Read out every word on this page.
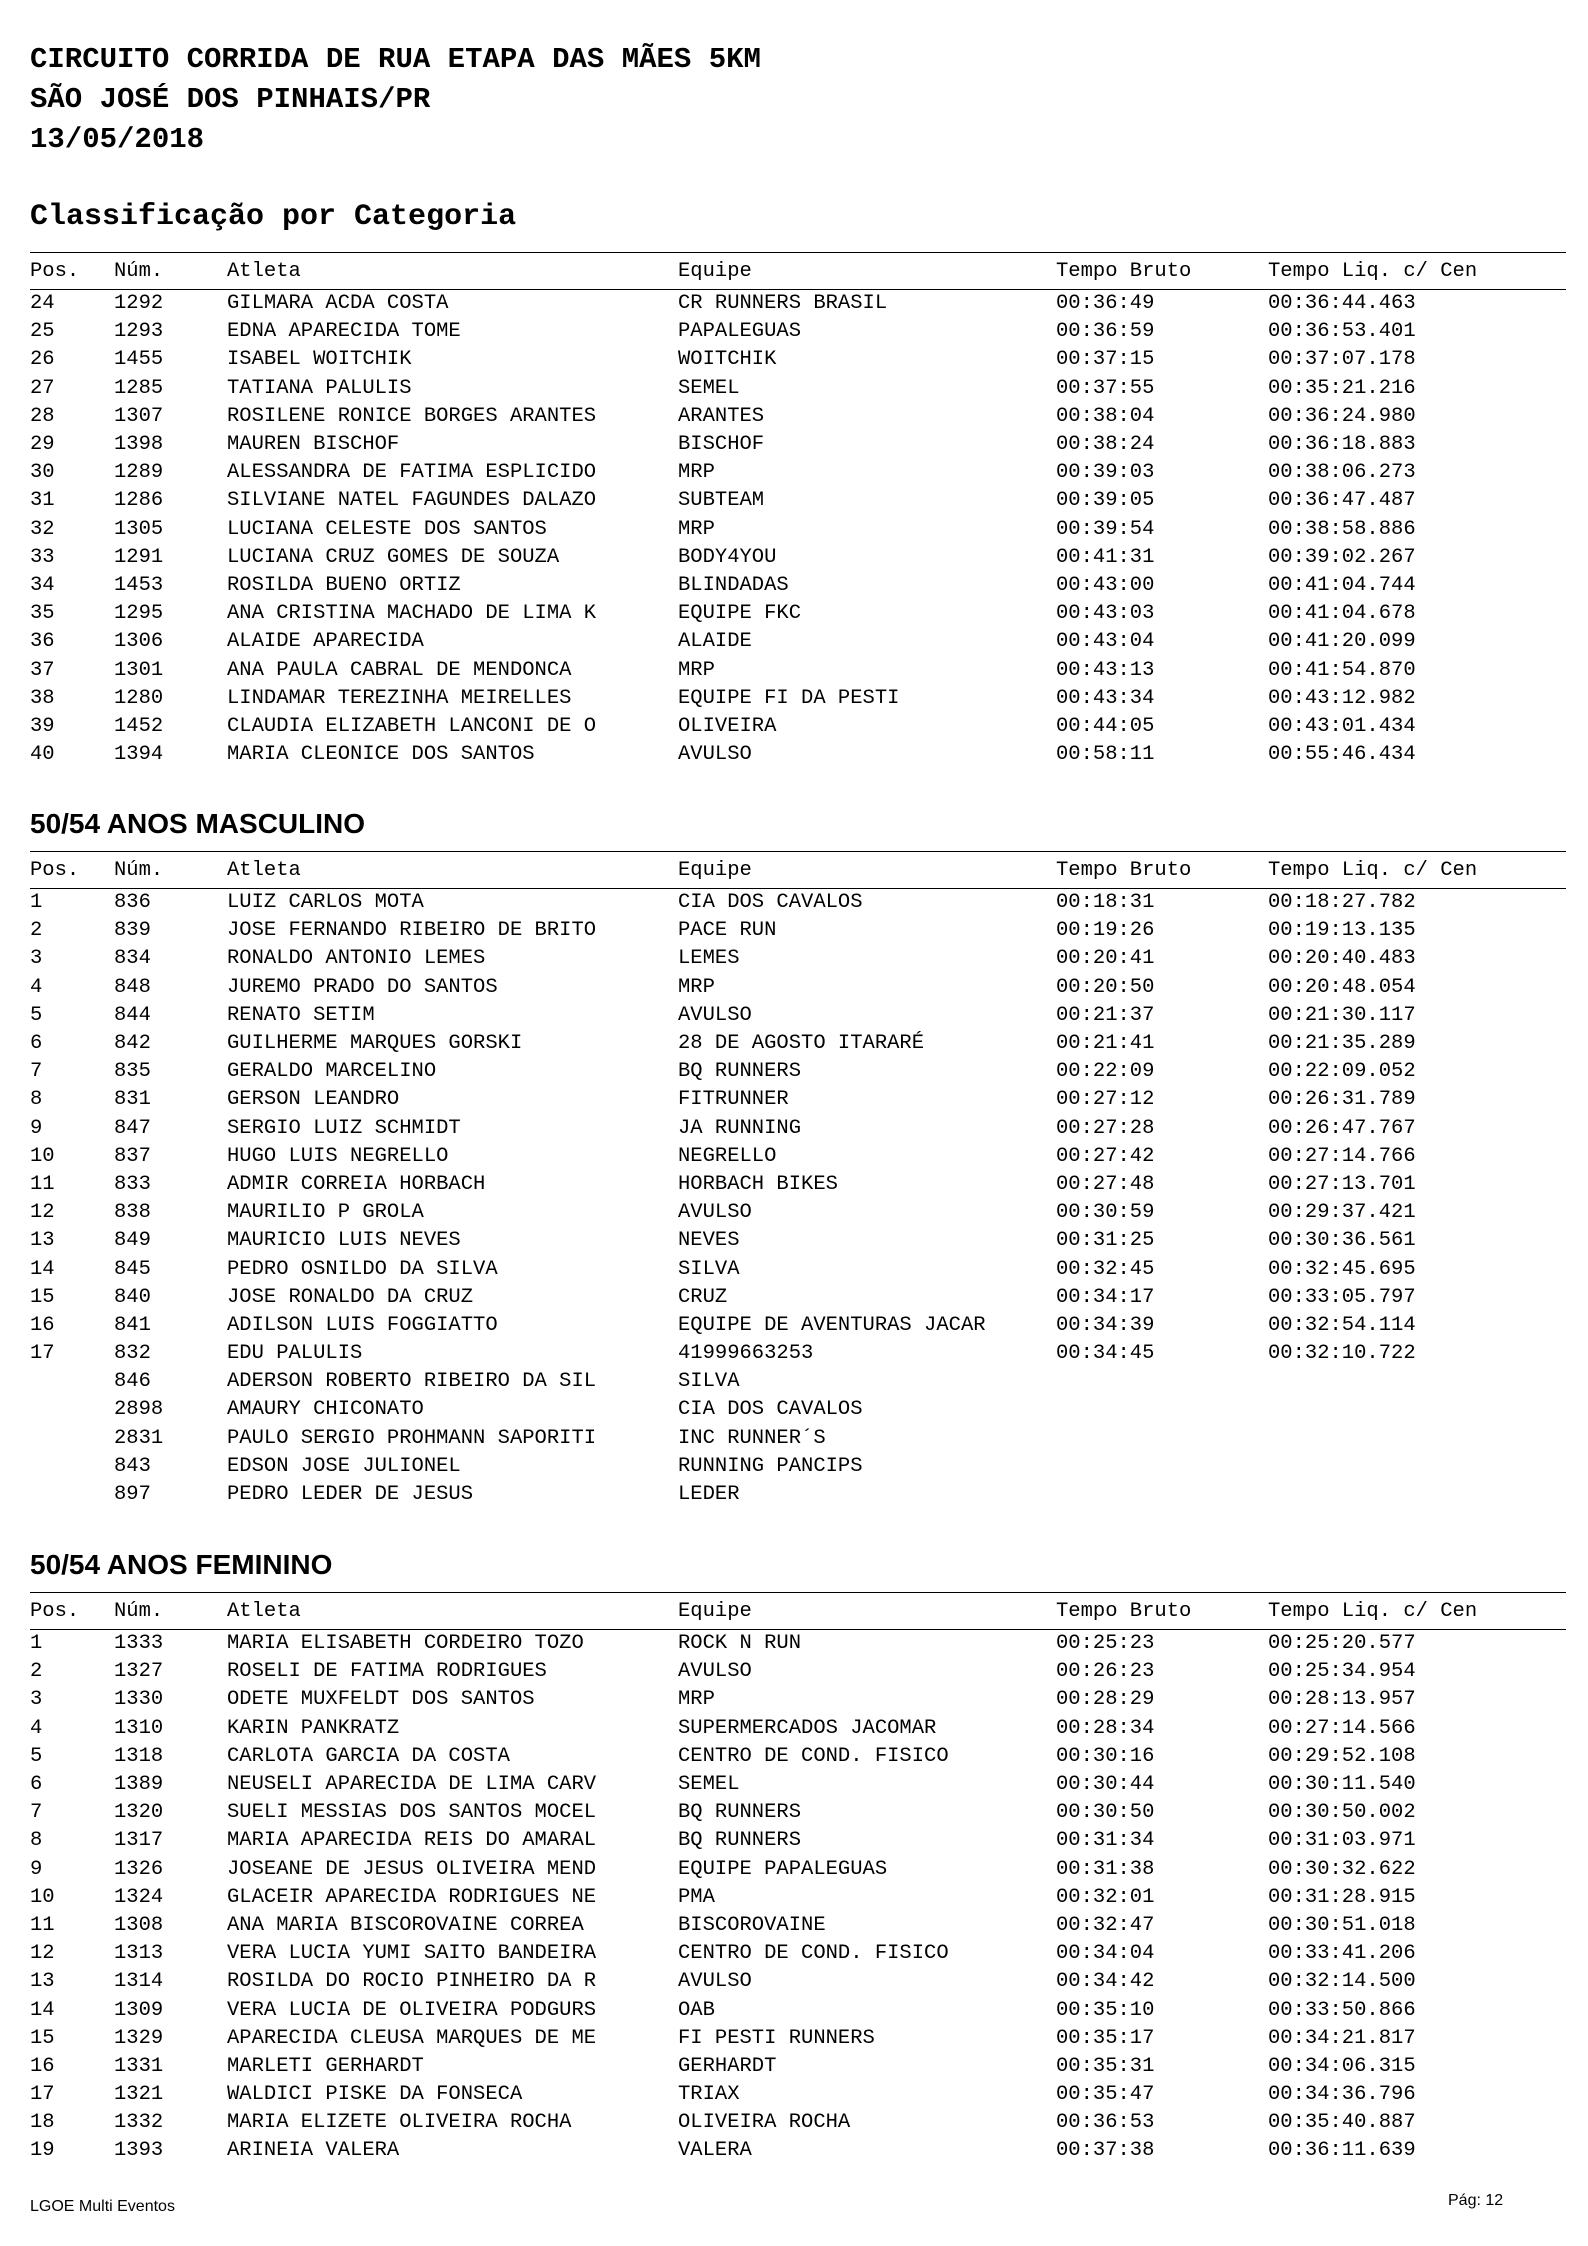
CIRCUITO CORRIDA DE RUA ETAPA DAS MÃES 5KM
SÃO JOSÉ DOS PINHAIS/PR
13/05/2018
Classificação por Categoria
Pos.	Núm.	Atleta	Equipe	Tempo Bruto	Tempo Liq. c/ Cen
24	1292	GILMARA ACDA COSTA	CR RUNNERS BRASIL	00:36:49	00:36:44.463
25	1293	EDNA APARECIDA TOME	PAPALEGUAS	00:36:59	00:36:53.401
26	1455	ISABEL WOITCHIK	WOITCHIK	00:37:15	00:37:07.178
27	1285	TATIANA PALULIS	SEMEL	00:37:55	00:35:21.216
28	1307	ROSILENE RONICE BORGES ARANTES	ARANTES	00:38:04	00:36:24.980
29	1398	MAUREN BISCHOF	BISCHOF	00:38:24	00:36:18.883
30	1289	ALESSANDRA DE FATIMA ESPLICIDO	MRP	00:39:03	00:38:06.273
31	1286	SILVIANE NATEL FAGUNDES DALAZO	SUBTEAM	00:39:05	00:36:47.487
32	1305	LUCIANA CELESTE DOS SANTOS	MRP	00:39:54	00:38:58.886
33	1291	LUCIANA CRUZ GOMES DE SOUZA	BODY4YOU	00:41:31	00:39:02.267
34	1453	ROSILDA BUENO ORTIZ	BLINDADAS	00:43:00	00:41:04.744
35	1295	ANA CRISTINA MACHADO DE LIMA K	EQUIPE FKC	00:43:03	00:41:04.678
36	1306	ALAIDE APARECIDA	ALAIDE	00:43:04	00:41:20.099
37	1301	ANA PAULA CABRAL DE MENDONCA	MRP	00:43:13	00:41:54.870
38	1280	LINDAMAR TEREZINHA MEIRELLES	EQUIPE FI DA PESTI	00:43:34	00:43:12.982
39	1452	CLAUDIA ELIZABETH LANCONI DE O	OLIVEIRA	00:44:05	00:43:01.434
40	1394	MARIA CLEONICE DOS SANTOS	AVULSO	00:58:11	00:55:46.434
50/54 ANOS MASCULINO
Pos.	Núm.	Atleta	Equipe	Tempo Bruto	Tempo Liq. c/ Cen
1	836	LUIZ CARLOS MOTA	CIA DOS CAVALOS	00:18:31	00:18:27.782
2	839	JOSE FERNANDO RIBEIRO DE BRITO	PACE RUN	00:19:26	00:19:13.135
3	834	RONALDO ANTONIO LEMES	LEMES	00:20:41	00:20:40.483
4	848	JUREMO PRADO DO SANTOS	MRP	00:20:50	00:20:48.054
5	844	RENATO SETIM	AVULSO	00:21:37	00:21:30.117
6	842	GUILHERME MARQUES GORSKI	28 DE AGOSTO ITARARÉ	00:21:41	00:21:35.289
7	835	GERALDO MARCELINO	BQ RUNNERS	00:22:09	00:22:09.052
8	831	GERSON LEANDRO	FITRUNNER	00:27:12	00:26:31.789
9	847	SERGIO LUIZ SCHMIDT	JA RUNNING	00:27:28	00:26:47.767
10	837	HUGO LUIS NEGRELLO	NEGRELLO	00:27:42	00:27:14.766
11	833	ADMIR CORREIA HORBACH	HORBACH BIKES	00:27:48	00:27:13.701
12	838	MAURILIO P GROLA	AVULSO	00:30:59	00:29:37.421
13	849	MAURICIO LUIS NEVES	NEVES	00:31:25	00:30:36.561
14	845	PEDRO OSNILDO DA SILVA	SILVA	00:32:45	00:32:45.695
15	840	JOSE RONALDO DA CRUZ	CRUZ	00:34:17	00:33:05.797
16	841	ADILSON LUIS FOGGIATTO	EQUIPE DE AVENTURAS JACAR	00:34:39	00:32:54.114
17	832	EDU PALULIS	41999663253	00:34:45	00:32:10.722
	846	ADERSON ROBERTO RIBEIRO DA SIL	SILVA		
	2898	AMAURY CHICONATO	CIA DOS CAVALOS		
	2831	PAULO SERGIO PROHMANN SAPORITI	INC RUNNER´S		
	843	EDSON JOSE JULIONEL	RUNNING PANCIPS		
	897	PEDRO LEDER DE JESUS	LEDER		
50/54 ANOS FEMININO
Pos.	Núm.	Atleta	Equipe	Tempo Bruto	Tempo Liq. c/ Cen
1	1333	MARIA ELISABETH CORDEIRO TOZO	ROCK N RUN	00:25:23	00:25:20.577
2	1327	ROSELI DE FATIMA RODRIGUES	AVULSO	00:26:23	00:25:34.954
3	1330	ODETE MUXFELDT DOS SANTOS	MRP	00:28:29	00:28:13.957
4	1310	KARIN PANKRATZ	SUPERMERCADOS JACOMAR	00:28:34	00:27:14.566
5	1318	CARLOTA GARCIA DA COSTA	CENTRO DE COND. FISICO	00:30:16	00:29:52.108
6	1389	NEUSELI APARECIDA DE LIMA CARV	SEMEL	00:30:44	00:30:11.540
7	1320	SUELI MESSIAS DOS SANTOS MOCEL	BQ RUNNERS	00:30:50	00:30:50.002
8	1317	MARIA APARECIDA REIS DO AMARAL	BQ RUNNERS	00:31:34	00:31:03.971
9	1326	JOSEANE DE JESUS OLIVEIRA MEND	EQUIPE PAPALEGUAS	00:31:38	00:30:32.622
10	1324	GLACEIR APARECIDA RODRIGUES NE	PMA	00:32:01	00:31:28.915
11	1308	ANA MARIA BISCOROVAINE CORREA	BISCOROVAINE	00:32:47	00:30:51.018
12	1313	VERA LUCIA YUMI SAITO BANDEIRA	CENTRO DE COND. FISICO	00:34:04	00:33:41.206
13	1314	ROSILDA DO ROCIO PINHEIRO DA R	AVULSO	00:34:42	00:32:14.500
14	1309	VERA LUCIA DE OLIVEIRA PODGURS	OAB	00:35:10	00:33:50.866
15	1329	APARECIDA CLEUSA MARQUES DE ME	FI PESTI RUNNERS	00:35:17	00:34:21.817
16	1331	MARLETI GERHARDT	GERHARDT	00:35:31	00:34:06.315
17	1321	WALDICI PISKE DA FONSECA	TRIAX	00:35:47	00:34:36.796
18	1332	MARIA ELIZETE OLIVEIRA ROCHA	OLIVEIRA ROCHA	00:36:53	00:35:40.887
19	1393	ARINEIA VALERA	VALERA	00:37:38	00:36:11.639
LGOE Multi Eventos	Pág: 12
